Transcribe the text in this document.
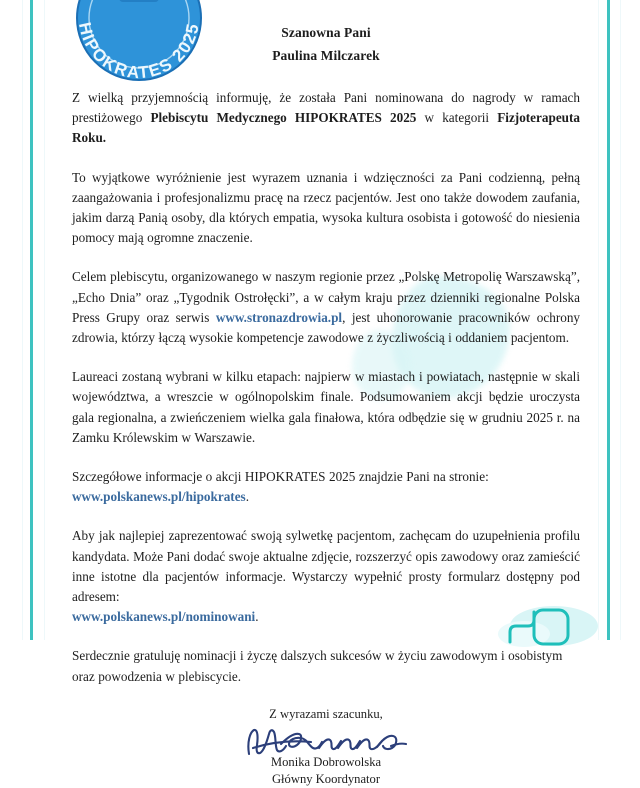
HIPOKRATES 2025	Szanowna Pani
Paulina Milczarek

Z wielką przyjemnością informuję, że została Pani nominowana do nagrody w ramach prestiżowego Plebiscytu Medycznego HIPOKRATES 2025 w kategorii Fizjoterapeuta Roku.

To wyjątkowe wyróżnienie jest wyrazem uznania i wdzięczności za Pani codzienną, pełną zaangażowania i profesjonalizmu pracę na rzecz pacjentów. Jest ono także dowodem zaufania, jakim darzą Panią osoby, dla których empatia, wysoka kultura osobista i gotowość do niesienia pomocy mają ogromne znaczenie.

Celem plebiscytu, organizowanego w naszym regionie przez „Polskę Metropolię Warszawską”, „Echo Dnia” oraz „Tygodnik Ostrołęcki”, a w całym kraju przez dzienniki regionalne Polska Press Grupy oraz serwis www.stronazdrowia.pl, jest uhonorowanie pracowników ochrony zdrowia, którzy łączą wysokie kompetencje zawodowe z życzliwością i oddaniem pacjentom.

Laureaci zostaną wybrani w kilku etapach: najpierw w miastach i powiatach, następnie w skali województwa, a wreszcie w ogólnopolskim finale. Podsumowaniem akcji będzie uroczysta gala regionalna, a zwieńczeniem wielka gala finałowa, która odbędzie się w grudniu 2025 r. na Zamku Królewskim w Warszawie.

Szczegółowe informacje o akcji HIPOKRATES 2025 znajdzie Pani na stronie:
www.polskanews.pl/hipokrates.

Aby jak najlepiej zaprezentować swoją sylwetkę pacjentom, zachęcam do uzupełnienia profilu kandydata. Może Pani dodać swoje aktualne zdjęcie, rozszerzyć opis zawodowy oraz zamieścić inne istotne dla pacjentów informacje. Wystarczy wypełnić prosty formularz dostępny pod adresem:
www.polskanews.pl/nominowani.

Serdecznie gratuluję nominacji i życzę dalszych sukcesów w życiu zawodowym i osobistym oraz powodzenia w plebiscycie.

Z wyrazami szacunku,
Monika Dobrowolska
Główny Koordynator
